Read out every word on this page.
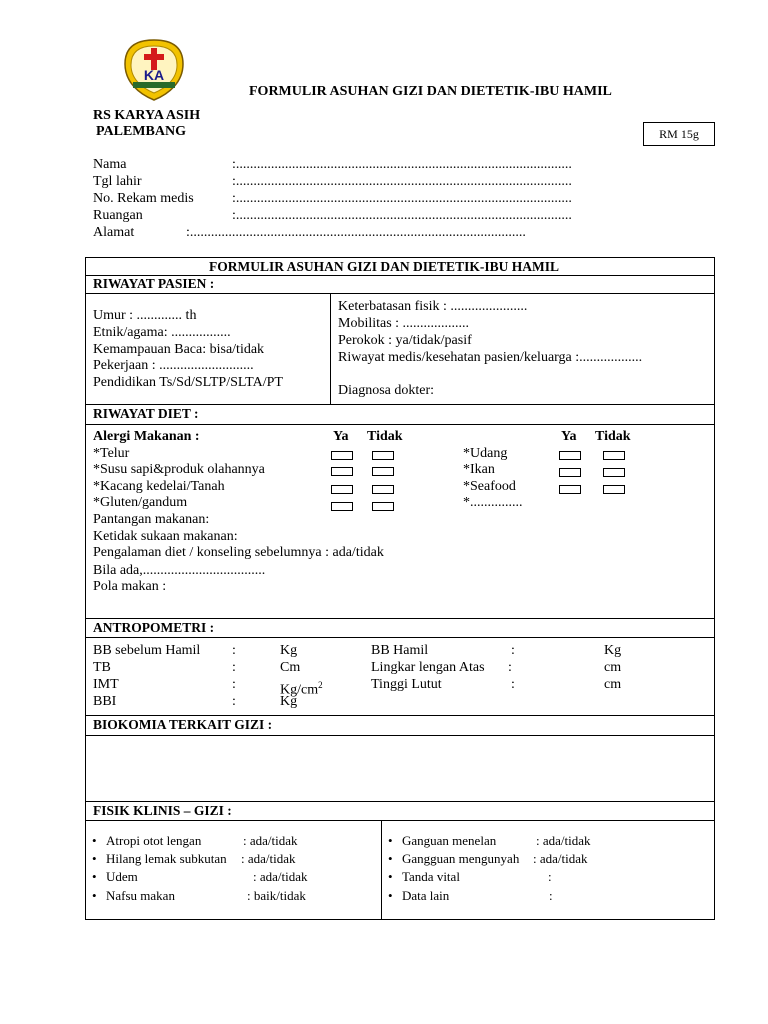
KA
FORMULIR ASUHAN GIZI DAN DIETETIK-IBU HAMIL
RS KARYA ASIH
PALEMBANG	RM 15g
Nama	:................................................................................................
Tgl lahir	:................................................................................................
No. Rekam medis	:................................................................................................
Ruangan	:................................................................................................
Alamat	:................................................................................................
FORMULIR ASUHAN GIZI DAN DIETETIK-IBU HAMIL
RIWAYAT PASIEN :
Umur : ............. th
Etnik/agama: .................
Kemampauan Baca: bisa/tidak
Pekerjaan : ...........................
Pendidikan Ts/Sd/SLTP/SLTA/PT
Keterbatasan fisik : ......................
Mobilitas : ...................
Perokok : ya/tidak/pasif
Riwayat medis/kesehatan pasien/keluarga :..................
Diagnosa dokter:
RIWAYAT DIET :
Alergi Makanan :	Ya Tidak	Ya Tidak
*Telur
*Susu sapi&produk olahannya
*Kacang kedelai/Tanah
*Gluten/gandum
*Udang
*Ikan
*Seafood
*...............
Pantangan makanan:
Ketidak sukaan makanan:
Pengalaman diet / konseling sebelumnya : ada/tidak
Bila ada,...................................
Pola makan :
ANTROPOMETRI :
BB sebelum Hamil :	Kg
TB	:	Cm
IMT	:	$Kg/cm^2$
BBI	:	Kg
BB Hamil	:	Kg
Lingkar lengan Atas :	cm
Tinggi Lutut	:	cm
BIOKOMIA TERKAIT GIZI :
FISIK KLINIS – GIZI :
• Atropi otot lengan	: ada/tidak
• Hilang lemak subkutan : ada/tidak
• Udem	: ada/tidak
• Nafsu makan	: baik/tidak
• Ganguan menelan	: ada/tidak
• Gangguan mengunyah : ada/tidak
• Tanda vital	:
• Data lain	:
